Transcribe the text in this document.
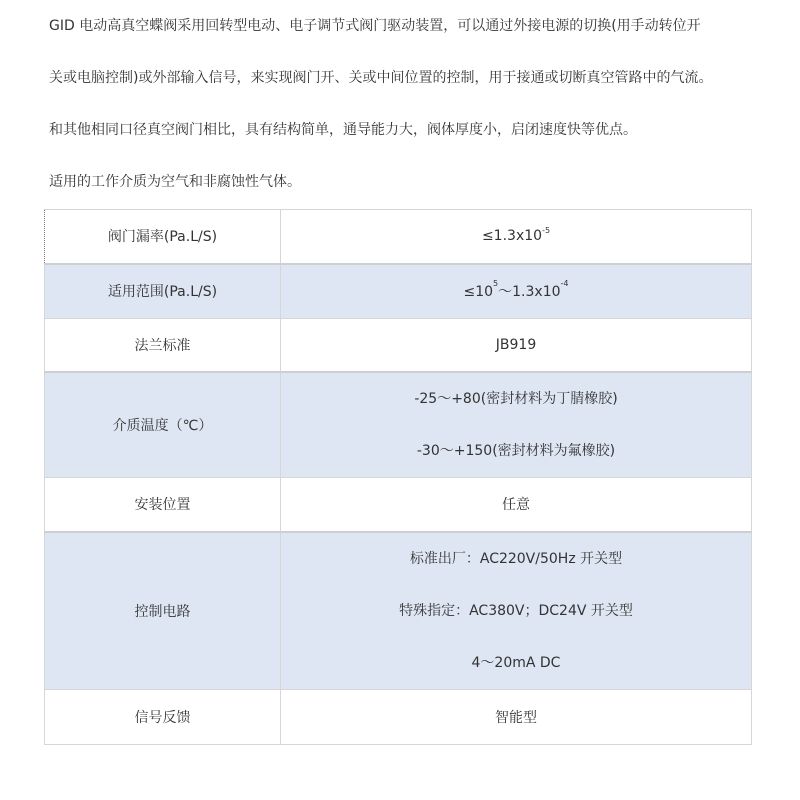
GID 电动高真空蝶阀采用回转型电动、电子调节式阀门驱动装置，可以通过外接电源的切换(用手动转位开

关或电脑控制)或外部输入信号，来实现阀门开、关或中间位置的控制，用于接通或切断真空管路中的气流。

和其他相同口径真空阀门相比，具有结构简单，通导能力大，阀体厚度小，启闭速度快等优点。

适用的工作介质为空气和非腐蚀性气体。

阀门漏率(Pa.L/S)	$\le 1.3x10^{-5}$
适用范围(Pa.L/S)	$\le 10^5\sim 1.3x10^{-4}$
法兰标准	JB919
介质温度（℃）	-25～+80(密封材料为丁腈橡胶)
-30～+150(密封材料为氟橡胶)

安装位置	任意
控制电路	标准出厂：AC220V/50Hz 开关型
特殊指定：AC380V；DC24V 开关型
4～20mA DC

信号反馈	智能型
